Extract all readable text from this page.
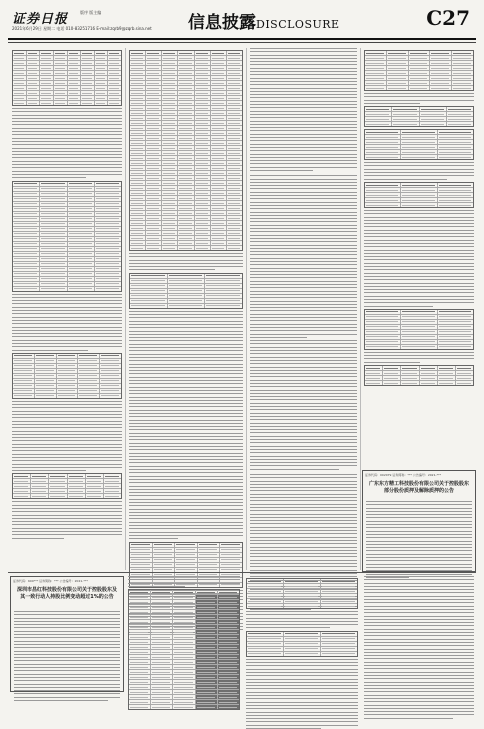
证券日报	版序 版主编
2021年6月29日 星期二 电话 010-83251716 E-mail:zqrb9@zqrb.sina.net 信息披露DISCLOSURE	C27
证券代码：002079 证券简称：*** 公告编号：2021-***
广东东方精工科技股份有限公司关于控股股东部分股份质押及解除质押的公告
证券代码：600*** 证券简称：*** 公告编号：2021-***
深圳市昌红科技股份有限公司关于控股股东及其一致行动人持股比例变动超过1%的公告
